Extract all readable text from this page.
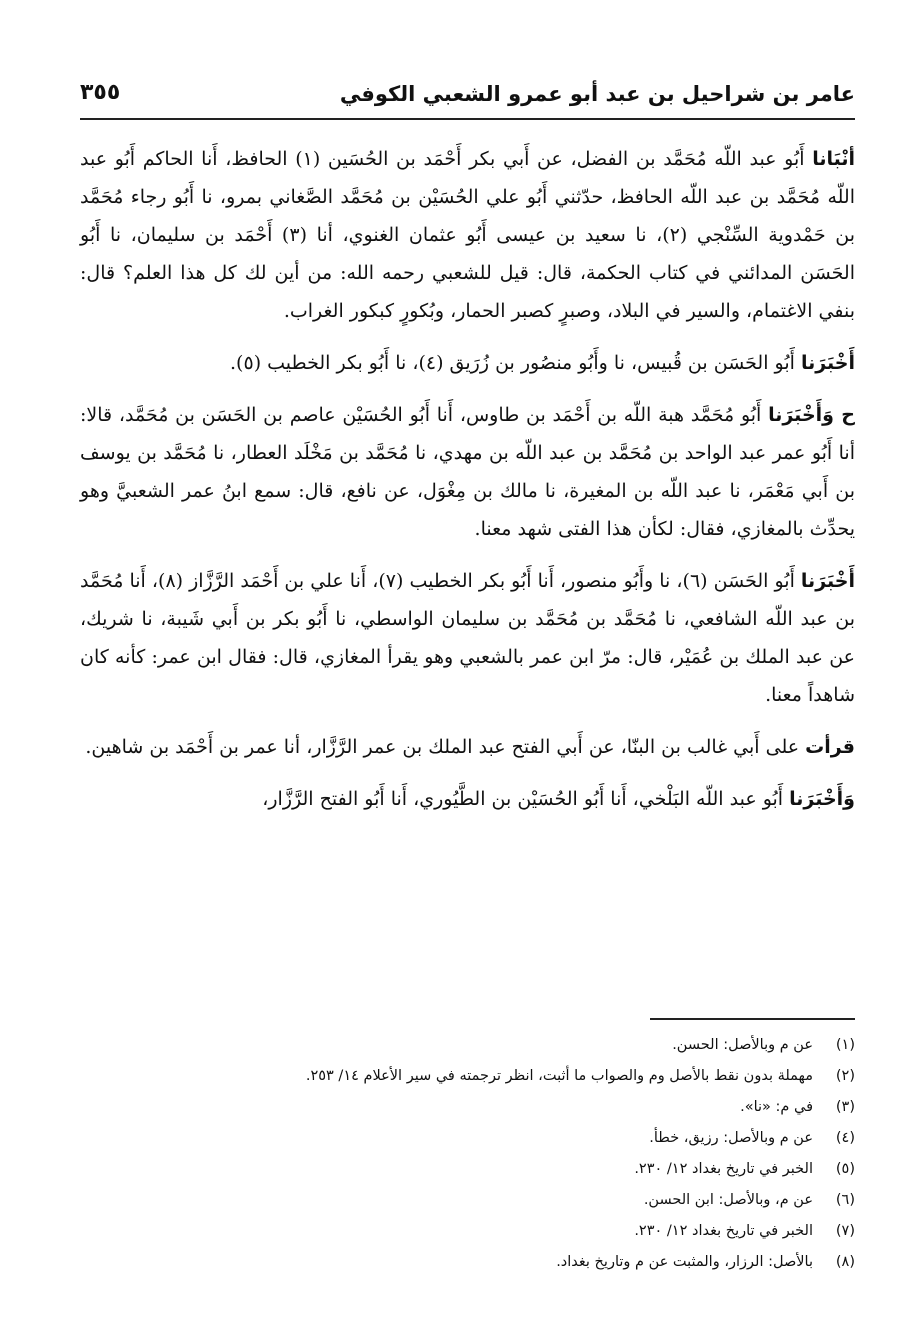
عامر بن شراحيل بن عبد أبو عمرو الشعبي الكوفي
٣٥٥

أنْبَانا أَبُو عبد اللّه مُحَمَّد بن الفضل، عن أَبي بكر أَحْمَد بن الحُسَين (١) الحافظ، أَنا الحاكم أَبُو عبد اللّه مُحَمَّد بن عبد اللّه الحافظ، حدّثني أَبُو علي الحُسَيْن بن مُحَمَّد الصَّغاني بمرو، نا أَبُو رجاء مُحَمَّد بن حَمْدوية السِّنْجي (٢)، نا سعيد بن عيسى أَبُو عثمان الغنوي، أنا (٣) أَحْمَد بن سليمان، نا أَبُو الحَسَن المدائني في كتاب الحكمة، قال: قيل للشعبي رحمه الله: من أين لك كل هذا العلم؟ قال: بنفي الاغتمام، والسير في البلاد، وصبرٍ كصبر الحمار، وبُكورٍ كبكور الغراب.

أَخْبَرَنا أَبُو الحَسَن بن قُبيس، نا وأَبُو منصُور بن زُرَيق (٤)، نا أَبُو بكر الخطيب (٥).

ح وَأَخْبَرَنا أَبُو مُحَمَّد هبة اللّه بن أَحْمَد بن طاوس، أَنا أَبُو الحُسَيْن عاصم بن الحَسَن بن مُحَمَّد، قالا: أنا أَبُو عمر عبد الواحد بن مُحَمَّد بن عبد اللّه بن مهدي، نا مُحَمَّد بن مَخْلَد العطار، نا مُحَمَّد بن يوسف بن أَبي مَعْمَر، نا عبد اللّه بن المغيرة، نا مالك بن مِغْوَل، عن نافع، قال: سمع ابنُ عمر الشعبيَّ وهو يحدِّث بالمغازي، فقال: لكأن هذا الفتى شهد معنا.

أَخْبَرَنا أَبُو الحَسَن (٦)، نا وأَبُو منصور، أَنا أَبُو بكر الخطيب (٧)، أَنا علي بن أَحْمَد الرَّزَّاز (٨)، أَنا مُحَمَّد بن عبد اللّه الشافعي، نا مُحَمَّد بن مُحَمَّد بن سليمان الواسطي، نا أَبُو بكر بن أَبي شَيبة، نا شريك، عن عبد الملك بن عُمَيْر، قال: مرّ ابن عمر بالشعبي وهو يقرأ المغازي، قال: فقال ابن عمر: كأنه كان شاهداً معنا.

قرأت على أَبي غالب بن البنّا، عن أَبي الفتح عبد الملك بن عمر الرَّزَّار، أنا عمر بن أَحْمَد بن شاهين.

وَأَخْبَرَنا أَبُو عبد اللّه البَلْخي، أَنا أَبُو الحُسَيْن بن الطَّيُوري، أَنا أَبُو الفتح الرَّزَّار،

(١)
عن م وبالأصل: الحسن.
(٢)
مهملة بدون نقط بالأصل وم والصواب ما أثبت، انظر ترجمته في سير الأعلام ١٤/ ٢٥٣.
(٣)
في م: «نا».
(٤)
عن م وبالأصل: رزيق، خطأ.
(٥)
الخبر في تاريخ بغداد ١٢/ ٢٣٠.
(٦)
عن م، وبالأصل: ابن الحسن.
(٧)
الخبر في تاريخ بغداد ١٢/ ٢٣٠.
(٨)
بالأصل: الرزار، والمثبت عن م وتاريخ بغداد.
